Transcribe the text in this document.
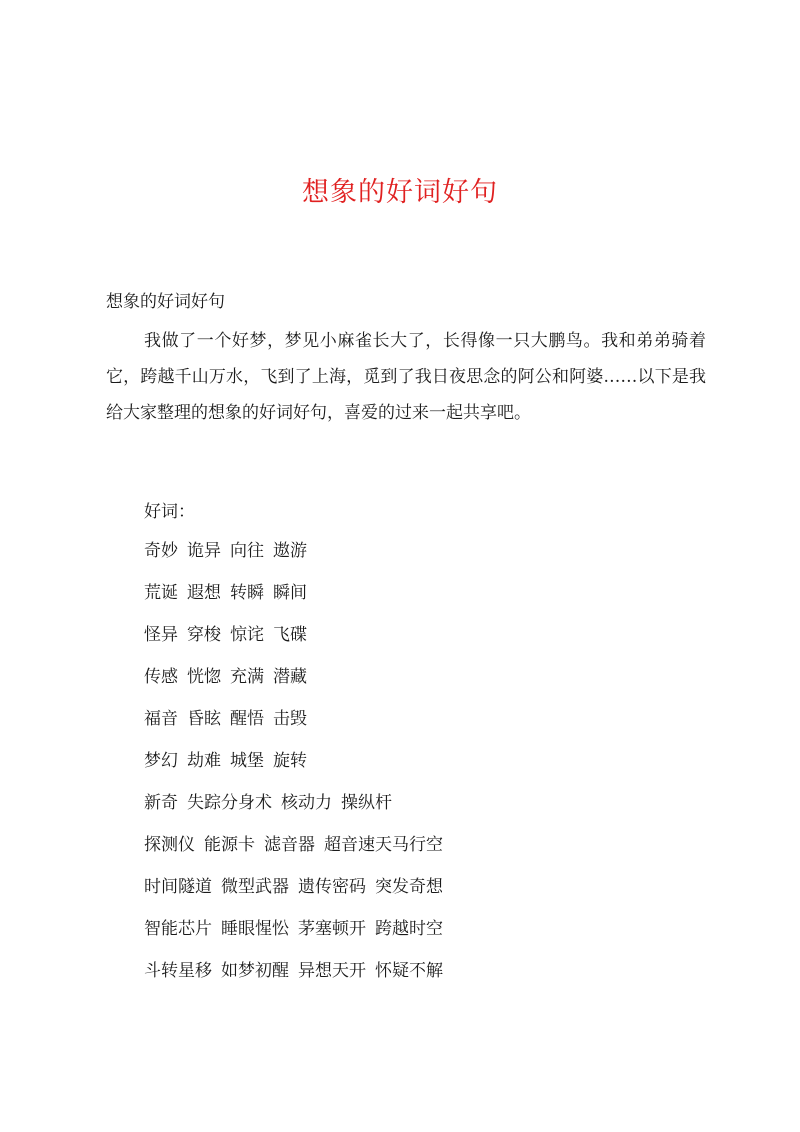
想象的好词好句
想象的好词好句

我做了一个好梦，梦见小麻雀长大了，长得像一只大鹏鸟。我和弟弟骑着它，跨越千山万水，飞到了上海，觅到了我日夜思念的阿公和阿婆……以下是我给大家整理的想象的好词好句，喜爱的过来一起共享吧。

好词：
奇妙 诡异 向往 遨游
荒诞 遐想 转瞬 瞬间
怪异 穿梭 惊诧 飞碟
传感 恍惚 充满 潜藏
福音 昏眩 醒悟 击毁
梦幻 劫难 城堡 旋转
新奇 失踪分身术 核动力 操纵杆
探测仪 能源卡 滤音器 超音速天马行空
时间隧道 微型武器 遗传密码 突发奇想
智能芯片 睡眼惺忪 茅塞顿开 跨越时空
斗转星移 如梦初醒 异想天开 怀疑不解
